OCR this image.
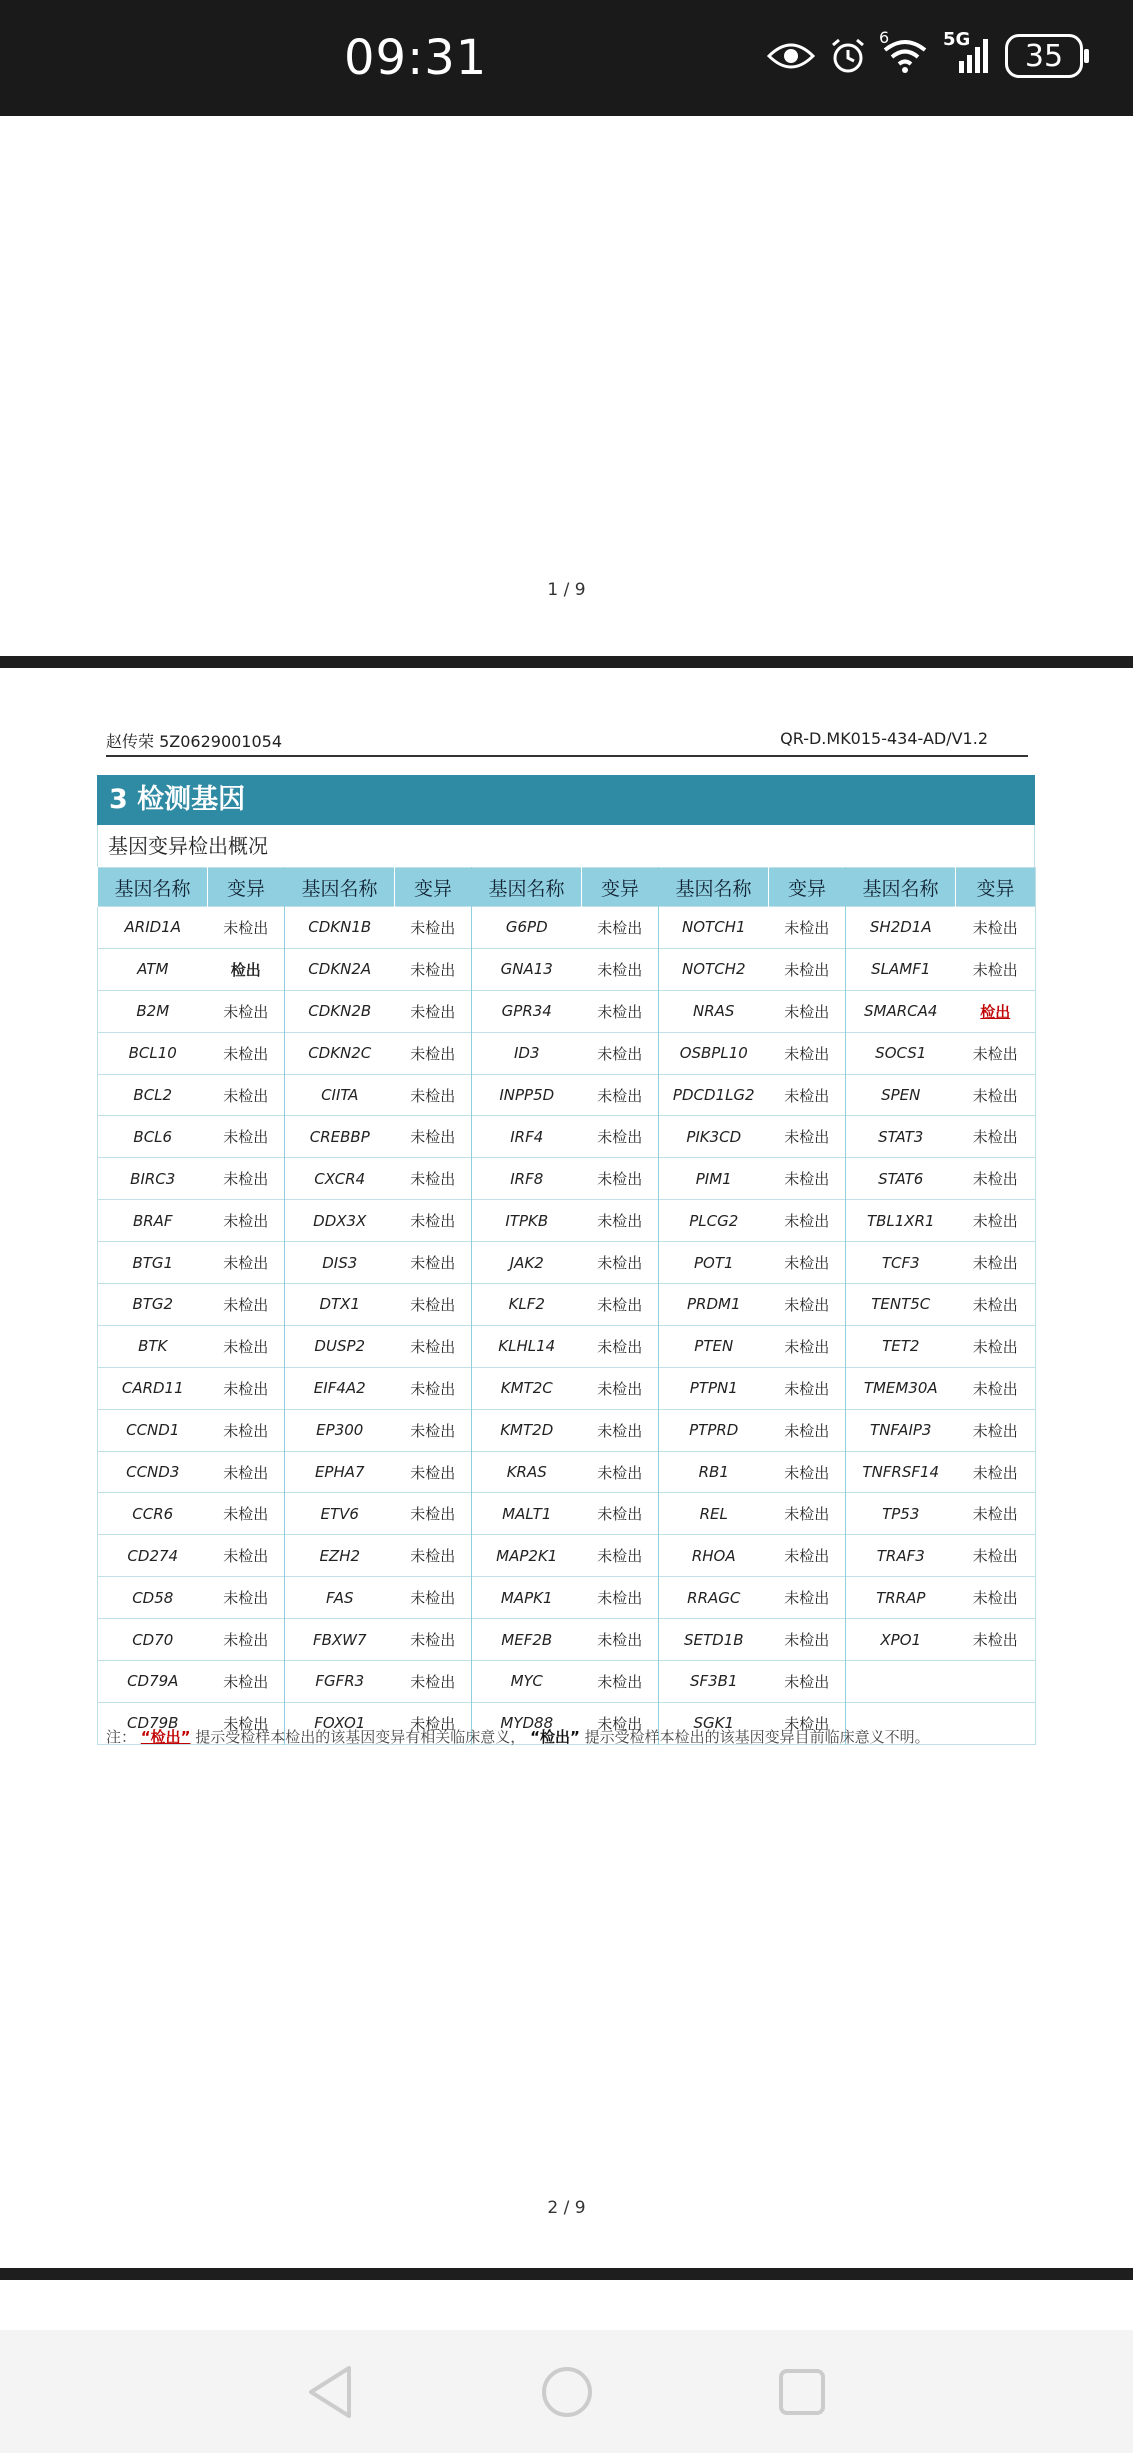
09:31	6	5G	35
1 / 9
赵传荣 5Z0629001054	QR-D.MK015-434-AD/V1.2
3 检测基因
基因变异检出概况
基因名称	变异	基因名称	变异	基因名称	变异	基因名称	变异	基因名称	变异
ARID1A	未检出	CDKN1B	未检出	G6PD	未检出	NOTCH1	未检出	SH2D1A	未检出
ATM	检出	CDKN2A	未检出	GNA13	未检出	NOTCH2	未检出	SLAMF1	未检出
B2M	未检出	CDKN2B	未检出	GPR34	未检出	NRAS	未检出	SMARCA4	检出
BCL10	未检出	CDKN2C	未检出	ID3	未检出	OSBPL10	未检出	SOCS1	未检出
BCL2	未检出	CIITA	未检出	INPP5D	未检出	PDCD1LG2	未检出	SPEN	未检出
BCL6	未检出	CREBBP	未检出	IRF4	未检出	PIK3CD	未检出	STAT3	未检出
BIRC3	未检出	CXCR4	未检出	IRF8	未检出	PIM1	未检出	STAT6	未检出
BRAF	未检出	DDX3X	未检出	ITPKB	未检出	PLCG2	未检出	TBL1XR1	未检出
BTG1	未检出	DIS3	未检出	JAK2	未检出	POT1	未检出	TCF3	未检出
BTG2	未检出	DTX1	未检出	KLF2	未检出	PRDM1	未检出	TENT5C	未检出
BTK	未检出	DUSP2	未检出	KLHL14	未检出	PTEN	未检出	TET2	未检出
CARD11	未检出	EIF4A2	未检出	KMT2C	未检出	PTPN1	未检出	TMEM30A	未检出
CCND1	未检出	EP300	未检出	KMT2D	未检出	PTPRD	未检出	TNFAIP3	未检出
CCND3	未检出	EPHA7	未检出	KRAS	未检出	RB1	未检出	TNFRSF14	未检出
CCR6	未检出	ETV6	未检出	MALT1	未检出	REL	未检出	TP53	未检出
CD274	未检出	EZH2	未检出	MAP2K1	未检出	RHOA	未检出	TRAF3	未检出
CD58	未检出	FAS	未检出	MAPK1	未检出	RRAGC	未检出	TRRAP	未检出
CD70	未检出	FBXW7	未检出	MEF2B	未检出	SETD1B	未检出	XPO1	未检出
CD79A	未检出	FGFR3	未检出	MYC	未检出	SF3B1	未检出		
CD79B	未检出	FOXO1	未检出	MYD88	未检出	SGK1	未检出		
注： “检出” 提示受检样本检出的该基因变异有相关临床意义， “检出” 提示受检样本检出的该基因变异目前临床意义不明。
2 / 9
